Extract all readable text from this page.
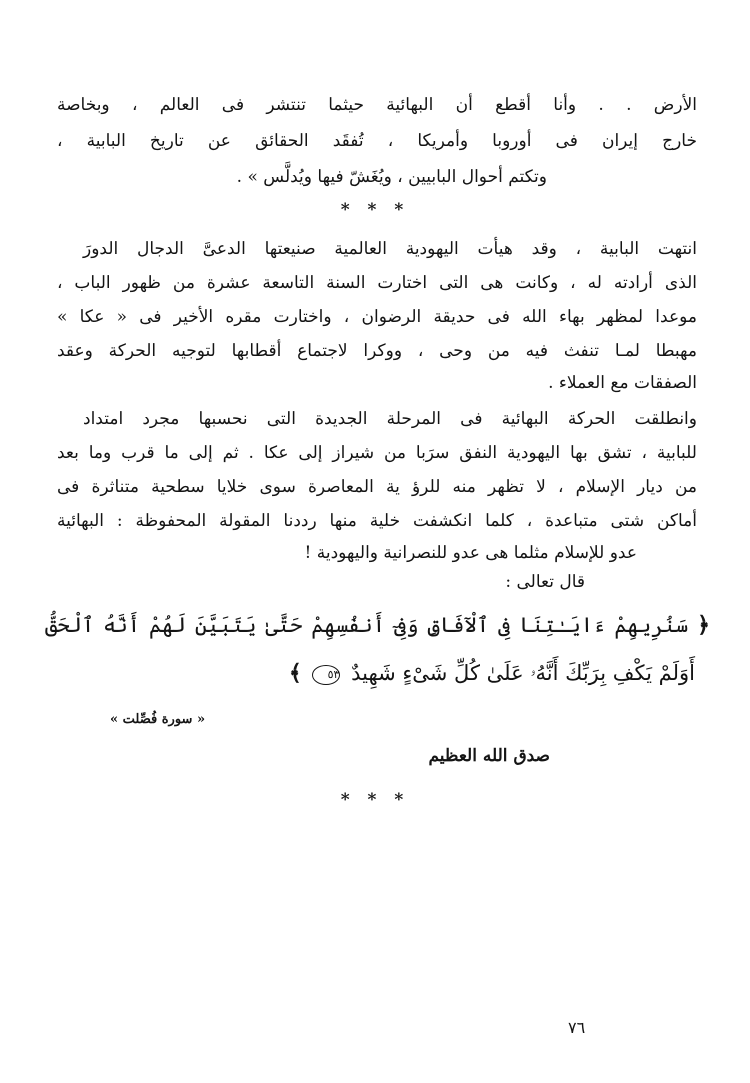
الأرض . . وأنا أقطع أن البهائية حيثما تنتشر فى العالم ، وبخاصة
خارج إيران فى أوروبا وأمريكا ، تُفقَد الحقائق عن تاريخ البابية ،
وتكتم أحوال البابيين ، ويُغَشّ فيها ويُدلَّس » .
* * *
انتهت البابية ، وقد هيأت اليهودية العالمية صنيعتها الدعىَّ الدجال الدورَ
الذى أرادته له ، وكانت هى التى اختارت السنة التاسعة عشرة من ظهور الباب ،
موعدا لمظهر بهاء الله فى حديقة الرضوان ، واختارت مقره الأخير فى « عكا »
مهبطا لمـا تنفث فيه من وحى ، ووكرا لاجتماع أقطابها لتوجيه الحركة وعقد
الصفقات مع العملاء .
وانطلقت الحركة البهائية فى المرحلة الجديدة التى نحسبها مجرد امتداد
للبابية ، تشق بها اليهودية النفق سرَبا من شيراز إلى عكا . ثم إلى ما قرب وما بعد
من ديار الإسلام ، لا تظهر منه للرؤ ية المعاصرة سوى خلايا سطحية متناثرة فى
أماكن شتى متباعدة ، كلما انكشفت خلية منها رددنا المقولة المحفوظة : البهائية
عدو للإسلام مثلما هى عدو للنصرانية واليهودية !
قال تعالى :
﴿ سَنُرِيهِمْ ءَايَـٰتِنَا فِى ٱلْآفَاقِ وَفِىٓ أَنفُسِهِمْ حَتَّىٰ يَتَبَيَّنَ لَهُمْ أَنَّهُ ٱلْحَقُّ
أَوَلَمْ يَكْفِ بِرَبِّكَ أَنَّهُۥ عَلَىٰ كُلِّ شَىْءٍ شَهِيدٌ ٥٣ ﴾
« سورة فُصِّلت »
صدق الله العظيم
* * *
٧٦
